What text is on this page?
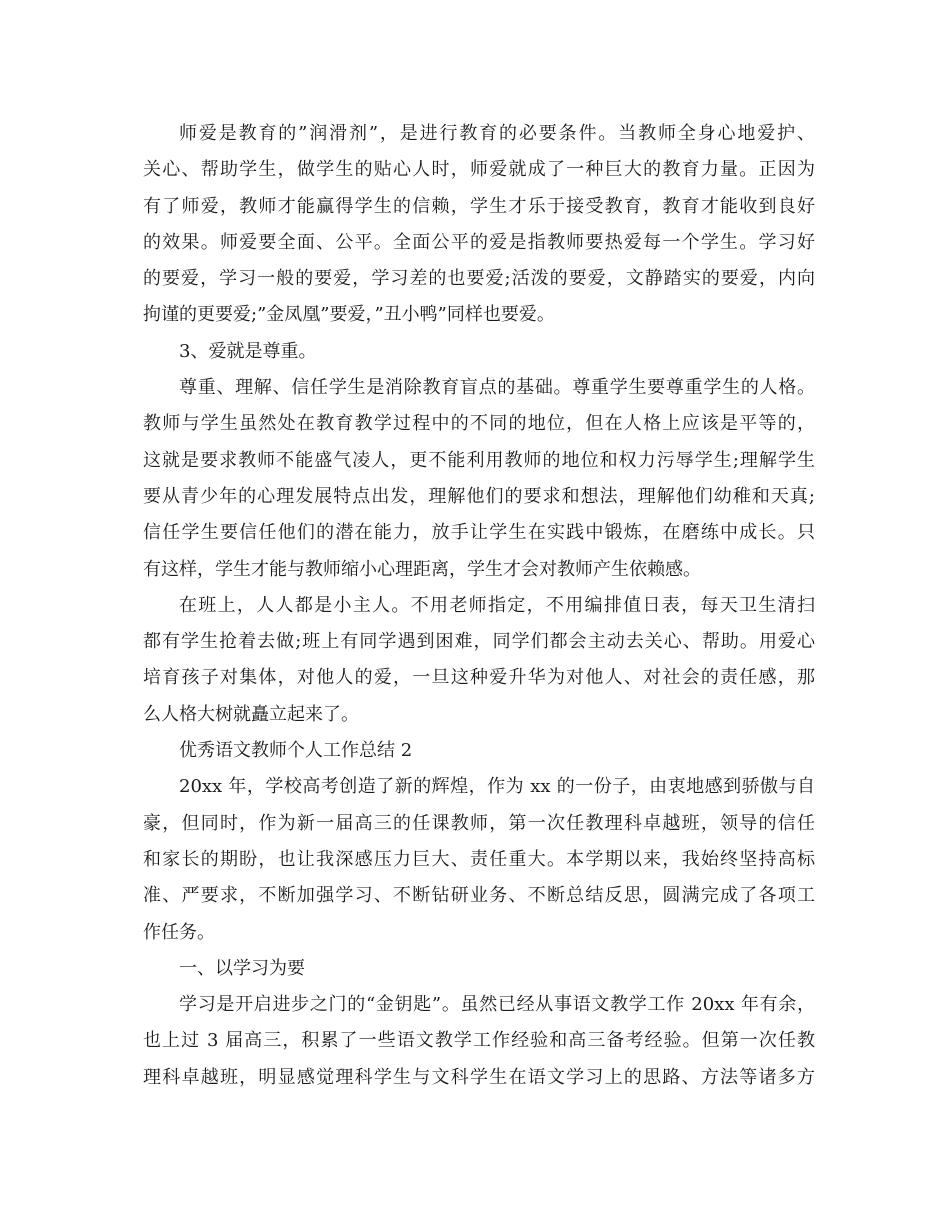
师爱是教育的”润滑剂”，是进行教育的必要条件。当教师全身心地爱护、
关心、帮助学生，做学生的贴心人时，师爱就成了一种巨大的教育力量。正因为
有了师爱，教师才能赢得学生的信赖，学生才乐于接受教育，教育才能收到良好
的效果。师爱要全面、公平。全面公平的爱是指教师要热爱每一个学生。学习好
的要爱，学习一般的要爱，学习差的也要爱;活泼的要爱，文静踏实的要爱，内向
拘谨的更要爱;”金凤凰”要爱，”丑小鸭”同样也要爱。
3、爱就是尊重。
尊重、理解、信任学生是消除教育盲点的基础。尊重学生要尊重学生的人格。
教师与学生虽然处在教育教学过程中的不同的地位，但在人格上应该是平等的，
这就是要求教师不能盛气凌人，更不能利用教师的地位和权力污辱学生;理解学生
要从青少年的心理发展特点出发，理解他们的要求和想法，理解他们幼稚和天真;
信任学生要信任他们的潜在能力，放手让学生在实践中锻炼，在磨练中成长。只
有这样，学生才能与教师缩小心理距离，学生才会对教师产生依赖感。
在班上，人人都是小主人。不用老师指定，不用编排值日表，每天卫生清扫
都有学生抢着去做;班上有同学遇到困难，同学们都会主动去关心、帮助。用爱心
培育孩子对集体，对他人的爱，一旦这种爱升华为对他人、对社会的责任感，那
么人格大树就矗立起来了。
优秀语文教师个人工作总结 2
20xx 年，学校高考创造了新的辉煌，作为 xx 的一份子，由衷地感到骄傲与自
豪，但同时，作为新一届高三的任课教师，第一次任教理科卓越班，领导的信任
和家长的期盼，也让我深感压力巨大、责任重大。本学期以来，我始终坚持高标
准、严要求，不断加强学习、不断钻研业务、不断总结反思，圆满完成了各项工
作任务。
一、以学习为要
学习是开启进步之门的“金钥匙”。虽然已经从事语文教学工作 20xx 年有余，
也上过 3 届高三，积累了一些语文教学工作经验和高三备考经验。但第一次任教
理科卓越班，明显感觉理科学生与文科学生在语文学习上的思路、方法等诸多方
